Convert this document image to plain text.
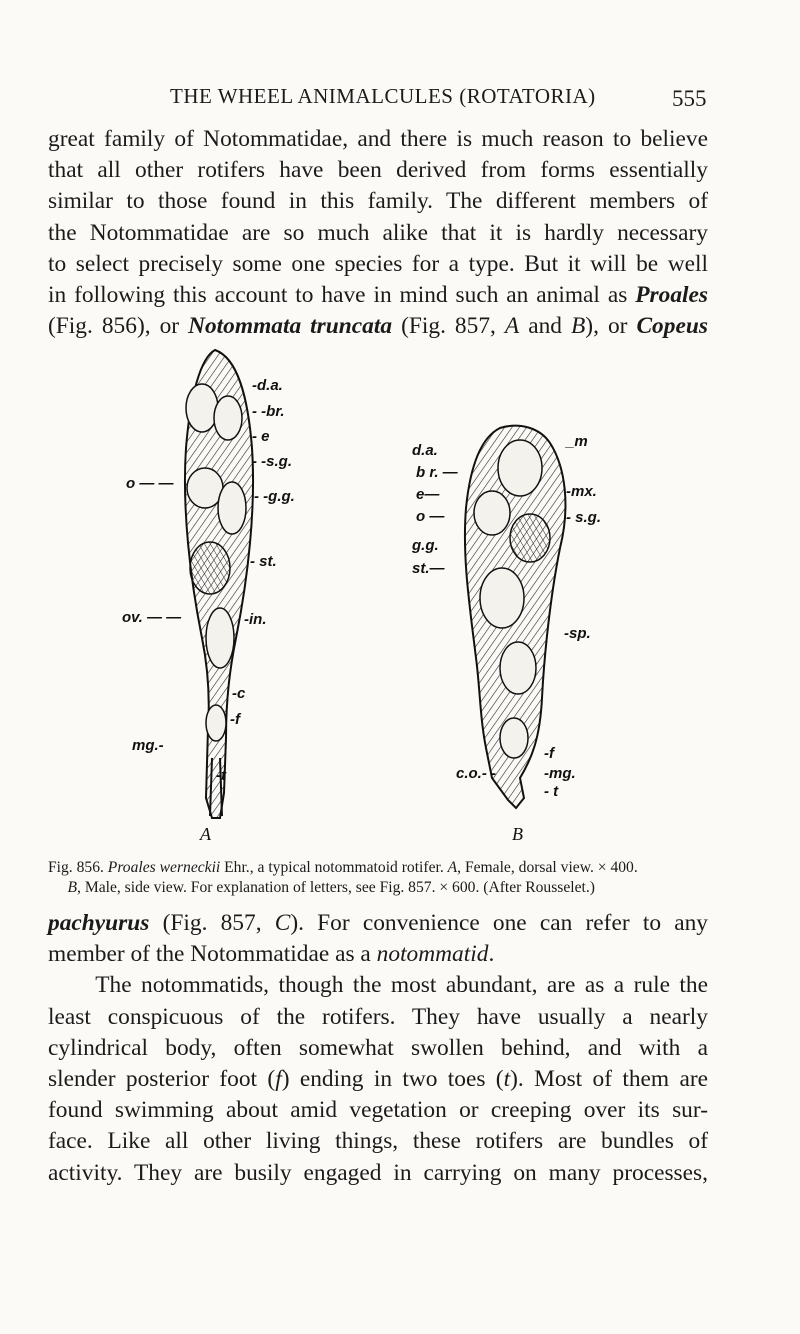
THE WHEEL ANIMALCULES (ROTATORIA)	555
great family of Notommatidae, and there is much reason to believe
that all other rotifers have been derived from forms essentially
similar to those found in this family. The different members of
the Notommatidae are so much alike that it is hardly necessary
to select precisely some one species for a type. But it will be well
in following this account to have in mind such an animal as Proales
(Fig. 856), or Notommata truncata (Fig. 857, A and B), or Copeus
-d.a.
- -br.
- e
- -s.g.
- -g.g.
- st.
-in.
-c
-f
-t
o — —
ov. — —
mg.-
A
d.a.
b r. —
e—
o —
g.g.
st.—
_m
-mx.
- s.g.
-sp.
-f
-mg.
- t
c.o.- -
B

Fig. 856. Proales werneckii Ehr., a typical notommatoid rotifer. A, Female, dorsal view. × 400.
B, Male, side view. For explanation of letters, see Fig. 857. × 600. (After Rousselet.)

pachyurus (Fig. 857, C). For convenience one can refer to any
member of the Notommatidae as a notommatid.
The notommatids, though the most abundant, are as a rule the
least conspicuous of the rotifers. They have usually a nearly
cylindrical body, often somewhat swollen behind, and with a
slender posterior foot (f) ending in two toes (t). Most of them are
found swimming about amid vegetation or creeping over its sur-
face. Like all other living things, these rotifers are bundles of
activity. They are busily engaged in carrying on many processes,
